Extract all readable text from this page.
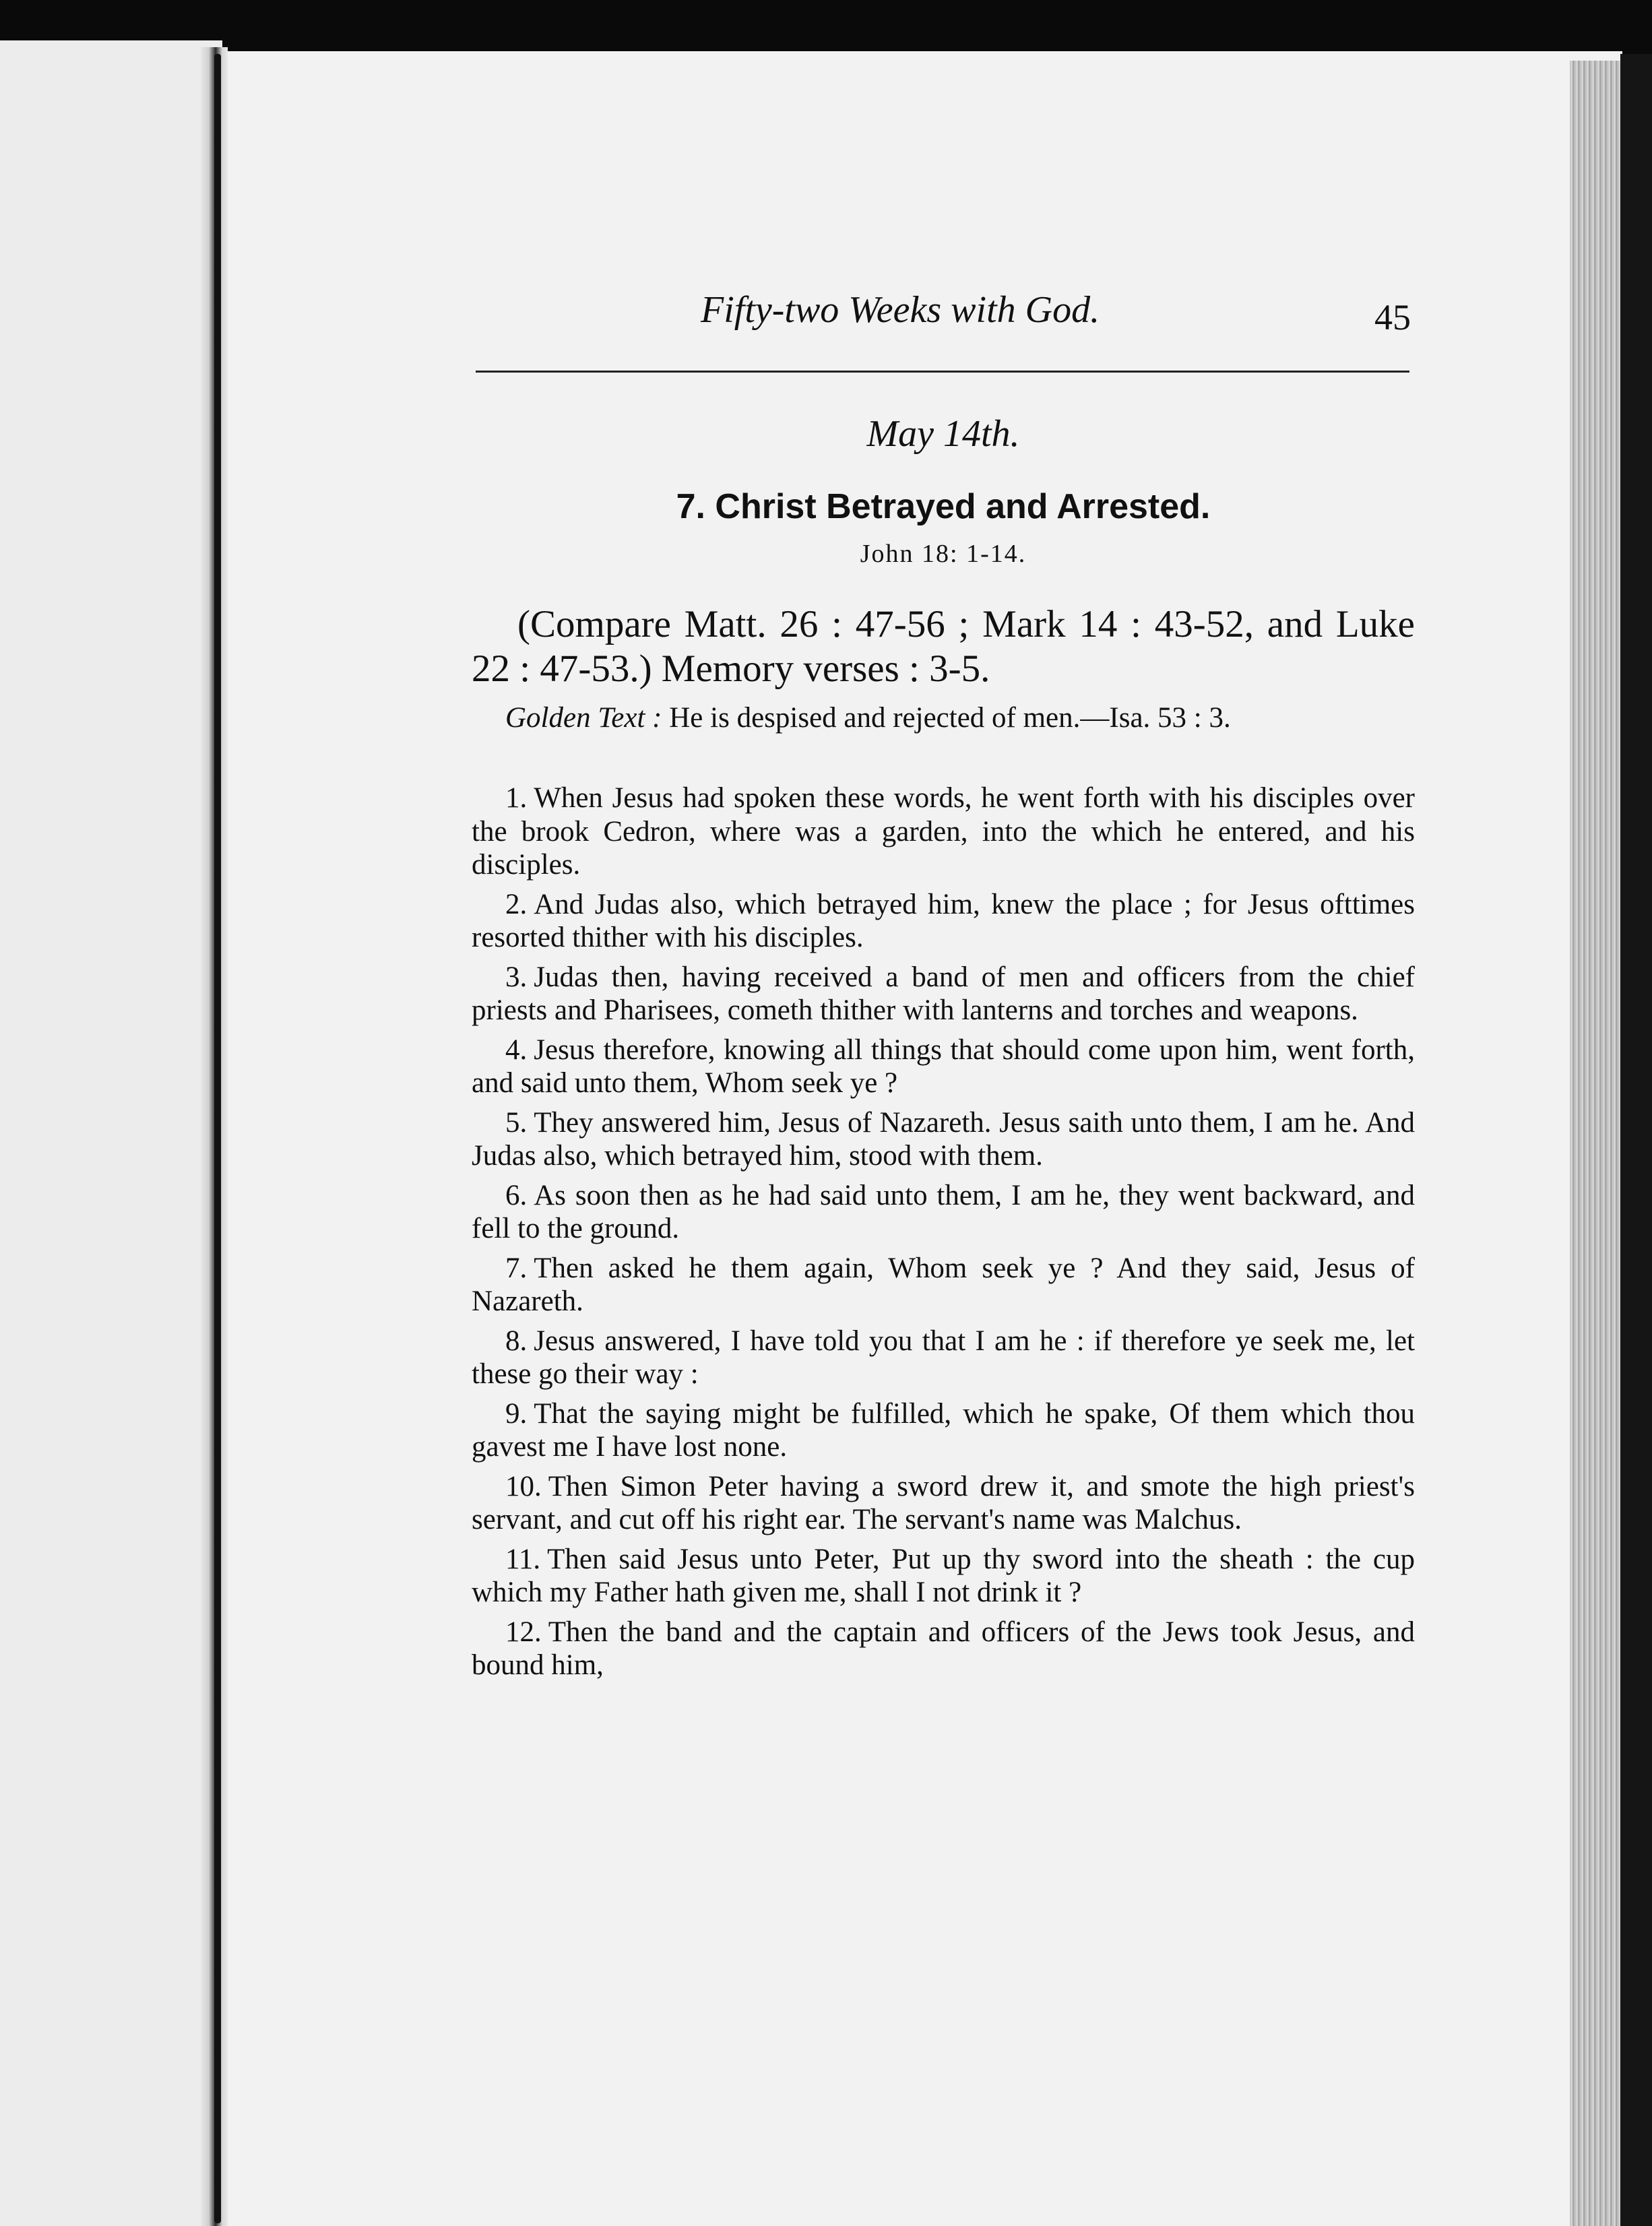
Fifty-two Weeks with God.	45
May 14th.
7. Christ Betrayed and Arrested.
John 18: 1-14.
(Compare Matt. 26 : 47-56 ; Mark 14 : 43-52, and Luke 22 : 47-53.) Memory verses : 3-5.
Golden Text : He is despised and rejected of men.—Isa. 53 : 3.

1. When Jesus had spoken these words, he went forth with his disciples over the brook Cedron, where was a garden, into the which he entered, and his disciples.

2. And Judas also, which betrayed him, knew the place ; for Jesus ofttimes resorted thither with his disciples.

3. Judas then, having received a band of men and officers from the chief priests and Pharisees, cometh thither with lanterns and torches and weapons.

4. Jesus therefore, knowing all things that should come upon him, went forth, and said unto them, Whom seek ye ?

5. They answered him, Jesus of Nazareth. Jesus saith unto them, I am he. And Judas also, which betrayed him, stood with them.

6. As soon then as he had said unto them, I am he, they went backward, and fell to the ground.

7. Then asked he them again, Whom seek ye ? And they said, Jesus of Nazareth.

8. Jesus answered, I have told you that I am he : if therefore ye seek me, let these go their way :

9. That the saying might be fulfilled, which he spake, Of them which thou gavest me I have lost none.

10. Then Simon Peter having a sword drew it, and smote the high priest's servant, and cut off his right ear. The servant's name was Malchus.

11. Then said Jesus unto Peter, Put up thy sword into the sheath : the cup which my Father hath given me, shall I not drink it ?

12. Then the band and the captain and officers of the Jews took Jesus, and bound him,
